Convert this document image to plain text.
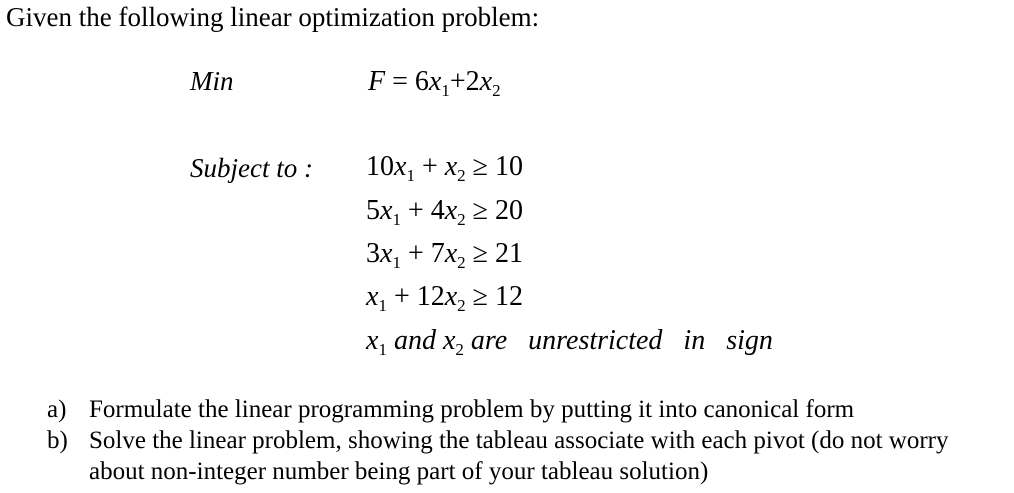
Given the following linear optimization problem:
Min	$F = 6x_1+2x_2$
Subject to : $10x_1 + x_2 \ge 10$
$5x_1 + 4x_2 \ge 20$
$3x_1 + 7x_2 \ge 21$
$x_1 + 12x_2 \ge 12$
$x_1$ and $x_2$ are   unrestricted   in   sign
a) Formulate the linear programming problem by putting it into canonical form
b) Solve the linear problem, showing the tableau associate with each pivot (do not worry
about non-integer number being part of your tableau solution)
